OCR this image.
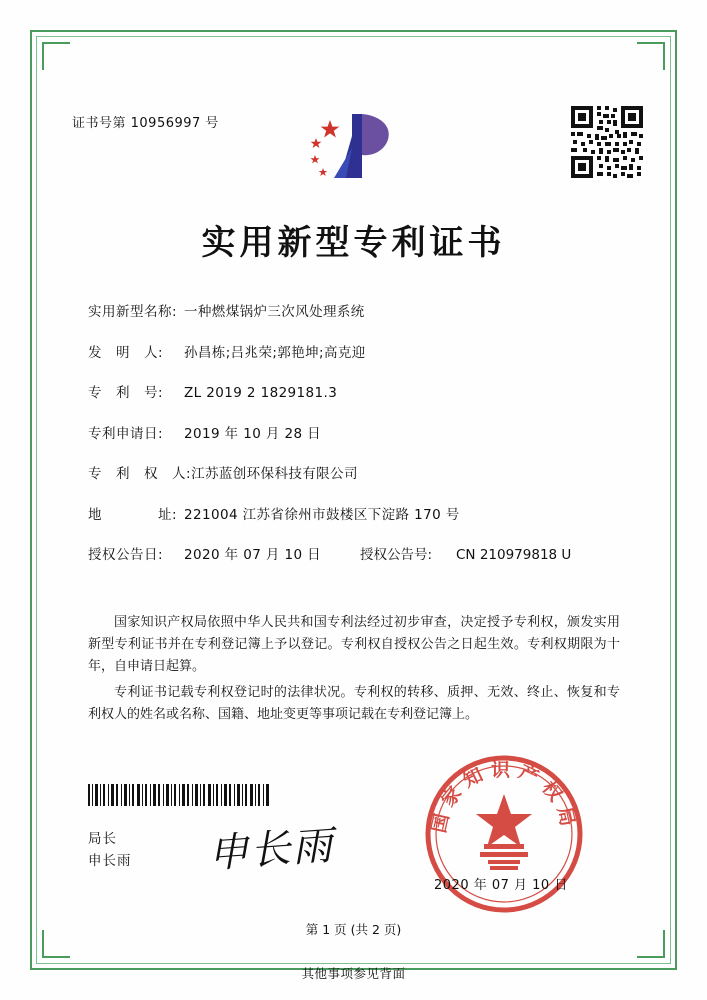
证书号第 10956997 号
实用新型专利证书
实用新型名称: 一种燃煤锅炉三次风处理系统
发　明　人:	孙昌栋;吕兆荣;郭艳坤;高克迎
专　利　号:	ZL 2019 2 1829181.3
专利申请日:	2019 年 10 月 28 日
专　利　权　人: 江苏蓝创环保科技有限公司
地　　　　址: 221004 江苏省徐州市鼓楼区下淀路 170 号
授权公告日:	2020 年 07 月 10 日	授权公告号:	CN 210979818 U

国家知识产权局依照中华人民共和国专利法经过初步审查，决定授予专利权，颁发实用新型专利证书并在专利登记簿上予以登记。专利权自授权公告之日起生效。专利权期限为十年，自申请日起算。

专利证书记载专利权登记时的法律状况。专利权的转移、质押、无效、终止、恢复和专利权人的姓名或名称、国籍、地址变更等事项记载在专利登记簿上。

局长
申长雨 申长雨
国家知识产权局
2020 年 07 月 10 日
第 1 页 (共 2 页)
其他事项参见背面
